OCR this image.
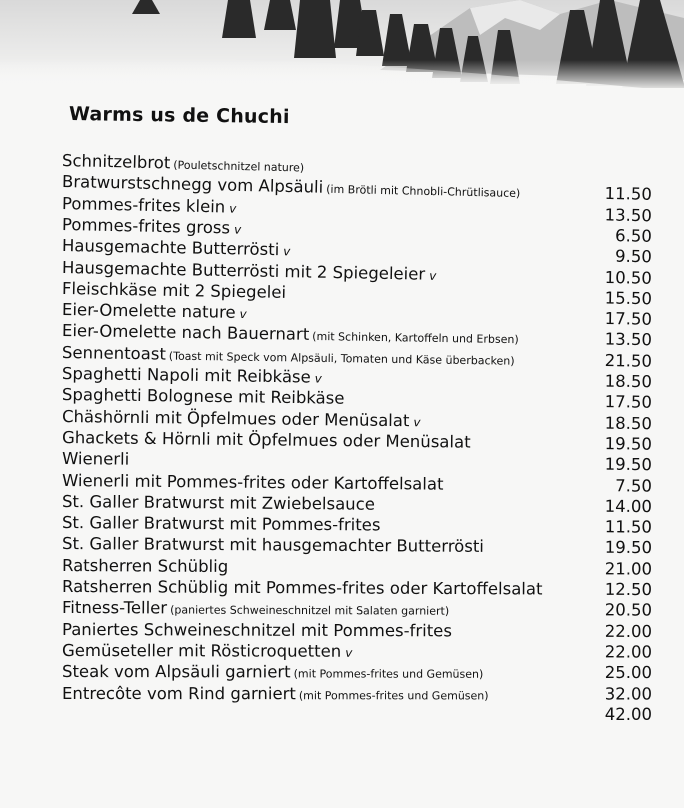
Warms us de Chuchi
Schnitzelbrot (Pouletschnitzel nature)
Bratwurstschnegg vom Alpsäuli (im Brötli mit Chnobli-Chrütlisauce)	11.50
Pommes-frites klein v	13.50
Pommes-frites gross v	6.50
Hausgemachte Butterrösti v	9.50
Hausgemachte Butterrösti mit 2 Spiegeleier v	10.50
Fleischkäse mit 2 Spiegelei	15.50
Eier-Omelette nature v	17.50
Eier-Omelette nach Bauernart (mit Schinken, Kartoffeln und Erbsen)	13.50
Sennentoast (Toast mit Speck vom Alpsäuli, Tomaten und Käse überbacken)	21.50
Spaghetti Napoli mit Reibkäse v	18.50
Spaghetti Bolognese mit Reibkäse	17.50
Chäshörnli mit Öpfelmues oder Menüsalat v	18.50
Ghackets & Hörnli mit Öpfelmues oder Menüsalat	19.50
Wienerli	19.50
Wienerli mit Pommes-frites oder Kartoffelsalat	7.50
St. Galler Bratwurst mit Zwiebelsauce	14.00
St. Galler Bratwurst mit Pommes-frites	11.50
St. Galler Bratwurst mit hausgemachter Butterrösti	19.50
Ratsherren Schüblig	21.00
Ratsherren Schüblig mit Pommes-frites oder Kartoffelsalat	12.50
Fitness-Teller (paniertes Schweineschnitzel mit Salaten garniert)	20.50
Paniertes Schweineschnitzel mit Pommes-frites	22.00
Gemüseteller mit Rösticroquetten v	22.00
Steak vom Alpsäuli garniert (mit Pommes-frites und Gemüsen)	25.00
Entrecôte vom Rind garniert (mit Pommes-frites und Gemüsen)	32.00
42.00
